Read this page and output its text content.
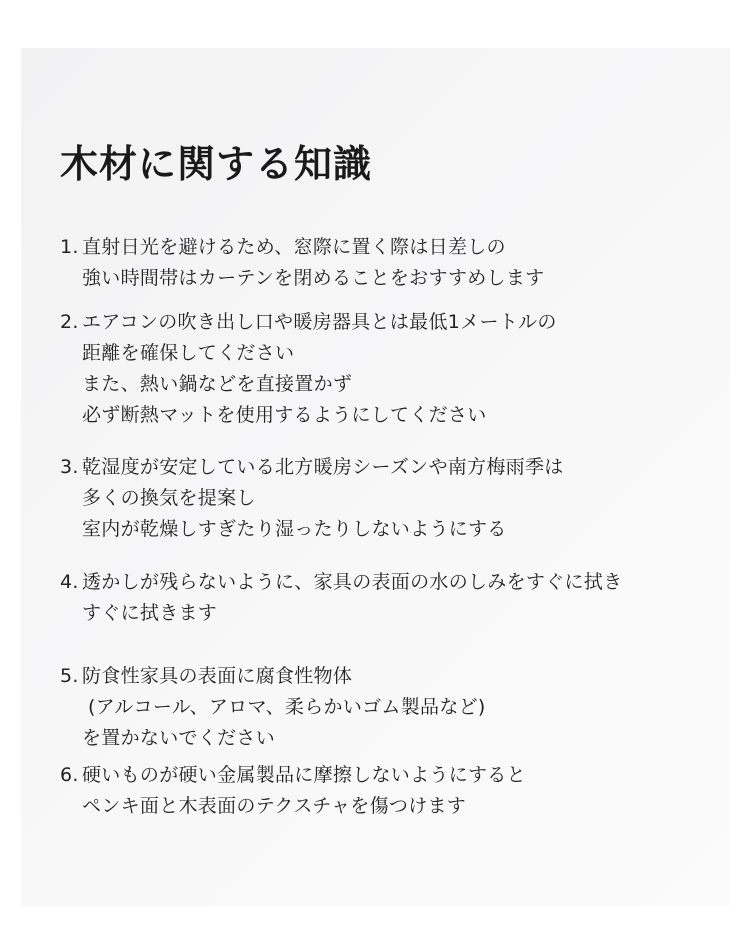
木材に関する知識
1. 直射日光を避けるため、窓際に置く際は日差しの
強い時間帯はカーテンを閉めることをおすすめします
2. エアコンの吹き出し口や暖房器具とは最低1メートルの
距離を確保してください
また、熱い鍋などを直接置かず
必ず断熱マットを使用するようにしてください
3. 乾湿度が安定している北方暖房シーズンや南方梅雨季は
多くの換気を提案し
室内が乾燥しすぎたり湿ったりしないようにする
4. 透かしが残らないように、家具の表面の水のしみをすぐに拭き
すぐに拭きます
5. 防食性家具の表面に腐食性物体
(アルコール、アロマ、柔らかいゴム製品など)
を置かないでください
6. 硬いものが硬い金属製品に摩擦しないようにすると
ペンキ面と木表面のテクスチャを傷つけます
